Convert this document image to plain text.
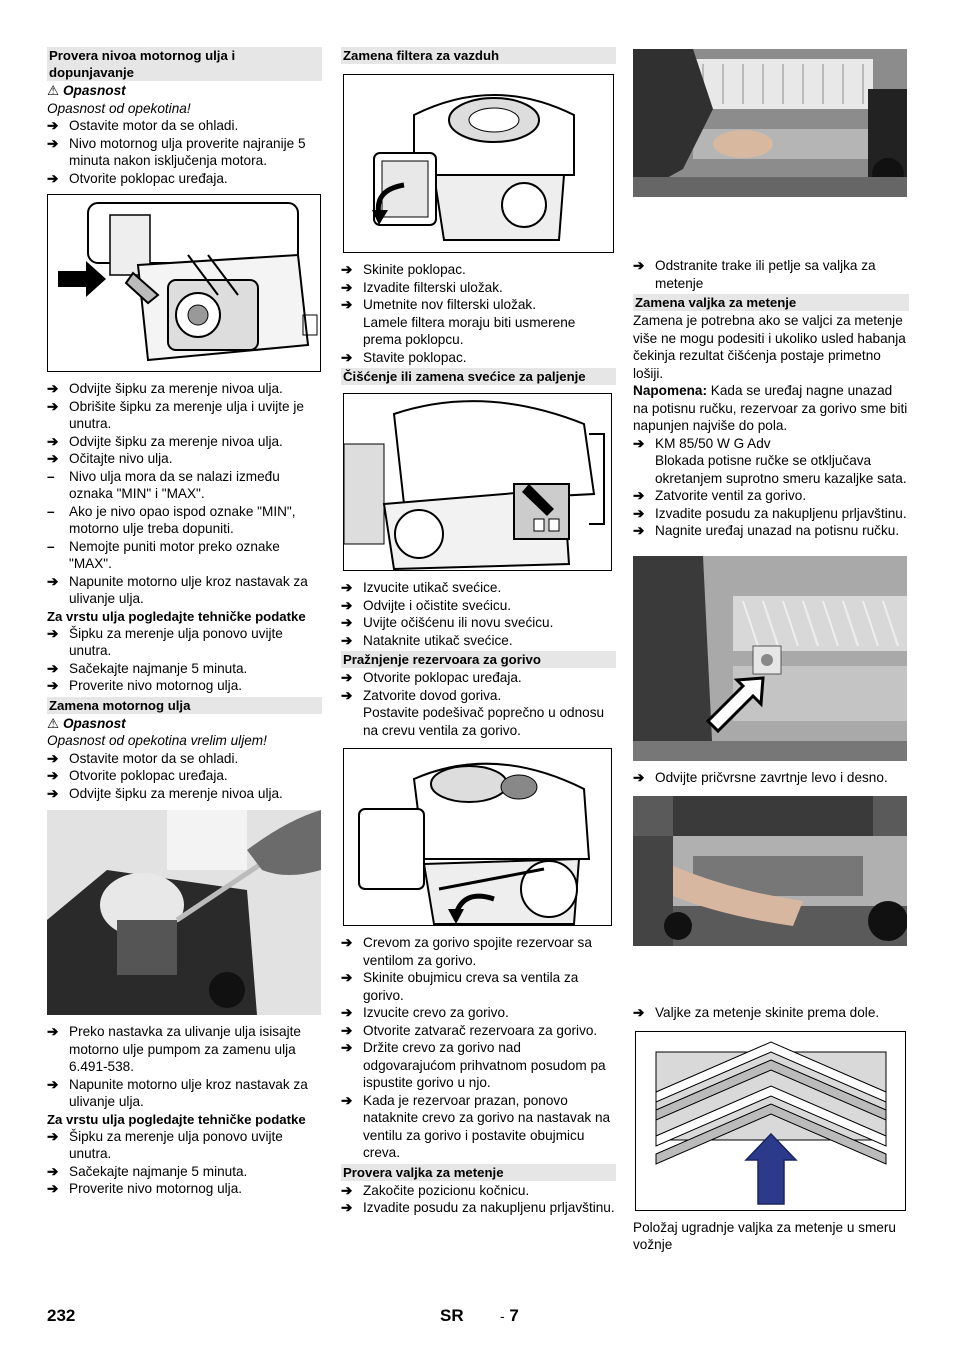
Provera nivoa motornog ulja i dopunjavanje
⚠ Opasnost
Opasnost od opekotina!
➔ Ostavite motor da se ohladi.
➔ Nivo motornog ulja proverite najranije 5 minuta nakon isključenja motora.
➔ Otvorite poklopac uređaja.
➔ Odvijte šipku za merenje nivoa ulja.
➔ Obrišite šipku za merenje ulja i uvijte je unutra.
➔ Odvijte šipku za merenje nivoa ulja.
➔ Očitajte nivo ulja.
–	Nivo ulja mora da se nalazi između oznaka "MIN" i "MAX".
–	Ako je nivo opao ispod oznake "MIN", motorno ulje treba dopuniti.
–	Nemojte puniti motor preko oznake "MAX".
➔ Napunite motorno ulje kroz nastavak za ulivanje ulja.
Za vrstu ulja pogledajte tehničke podatke
➔ Šipku za merenje ulja ponovo uvijte unutra.
➔ Sačekajte najmanje 5 minuta.
➔ Proverite nivo motornog ulja.
Zamena motornog ulja
⚠ Opasnost
Opasnost od opekotina vrelim uljem!
➔ Ostavite motor da se ohladi.
➔ Otvorite poklopac uređaja.
➔ Odvijte šipku za merenje nivoa ulja.
➔ Preko nastavka za ulivanje ulja isisajte motorno ulje pumpom za zamenu ulja 6.491-538.
➔ Napunite motorno ulje kroz nastavak za ulivanje ulja.
Za vrstu ulja pogledajte tehničke podatke
➔ Šipku za merenje ulja ponovo uvijte unutra.
➔ Sačekajte najmanje 5 minuta.
➔ Proverite nivo motornog ulja.
Zamena filtera za vazduh
➔ Skinite poklopac.
➔ Izvadite filterski uložak.
➔ Umetnite nov filterski uložak.
Lamele filtera moraju biti usmerene prema poklopcu.
➔ Stavite poklopac.
Čišćenje ili zamena svećice za paljenje
➔ Izvucite utikač svećice.
➔ Odvijte i očistite svećicu.
➔ Uvijte očišćenu ili novu svećicu.
➔ Nataknite utikač svećice.
Pražnjenje rezervoara za gorivo
➔ Otvorite poklopac uređaja.
➔ Zatvorite dovod goriva.
Postavite podešivač poprečno u odnosu na crevu ventila za gorivo.
➔ Crevom za gorivo spojite rezervoar sa ventilom za gorivo.
➔ Skinite obujmicu creva sa ventila za gorivo.
➔ Izvucite crevo za gorivo.
➔ Otvorite zatvarač rezervoara za gorivo.
➔ Držite crevo za gorivo nad odgovarajućom prihvatnom posudom pa ispustite gorivo u njo.
➔ Kada je rezervoar prazan, ponovo nataknite crevo za gorivo na nastavak na ventilu za gorivo i postavite obujmicu creva.
Provera valjka za metenje
➔ Zakočite pozicionu kočnicu.
➔ Izvadite posudu za nakupljenu prljavštinu.
➔ Odstranite trake ili petlje sa valjka za metenje
Zamena valjka za metenje
Zamena je potrebna ako se valjci za metenje više ne mogu podesiti i ukoliko usled habanja čekinja rezultat čišćenja postaje primetno lošiji.
Napomena: Kada se uređaj nagne unazad na potisnu ručku, rezervoar za gorivo sme biti napunjen najviše do pola.
➔ KM 85/50 W G Adv
Blokada potisne ručke se otključava okretanjem suprotno smeru kazaljke sata.
➔ Zatvorite ventil za gorivo.
➔ Izvadite posudu za nakupljenu prljavštinu.
➔ Nagnite uređaj unazad na potisnu ručku.
➔ Odvijte pričvrsne zavrtnje levo i desno.
➔ Valjke za metenje skinite prema dole.
Položaj ugradnje valjka za metenje u smeru vožnje
232	SR	- 7
